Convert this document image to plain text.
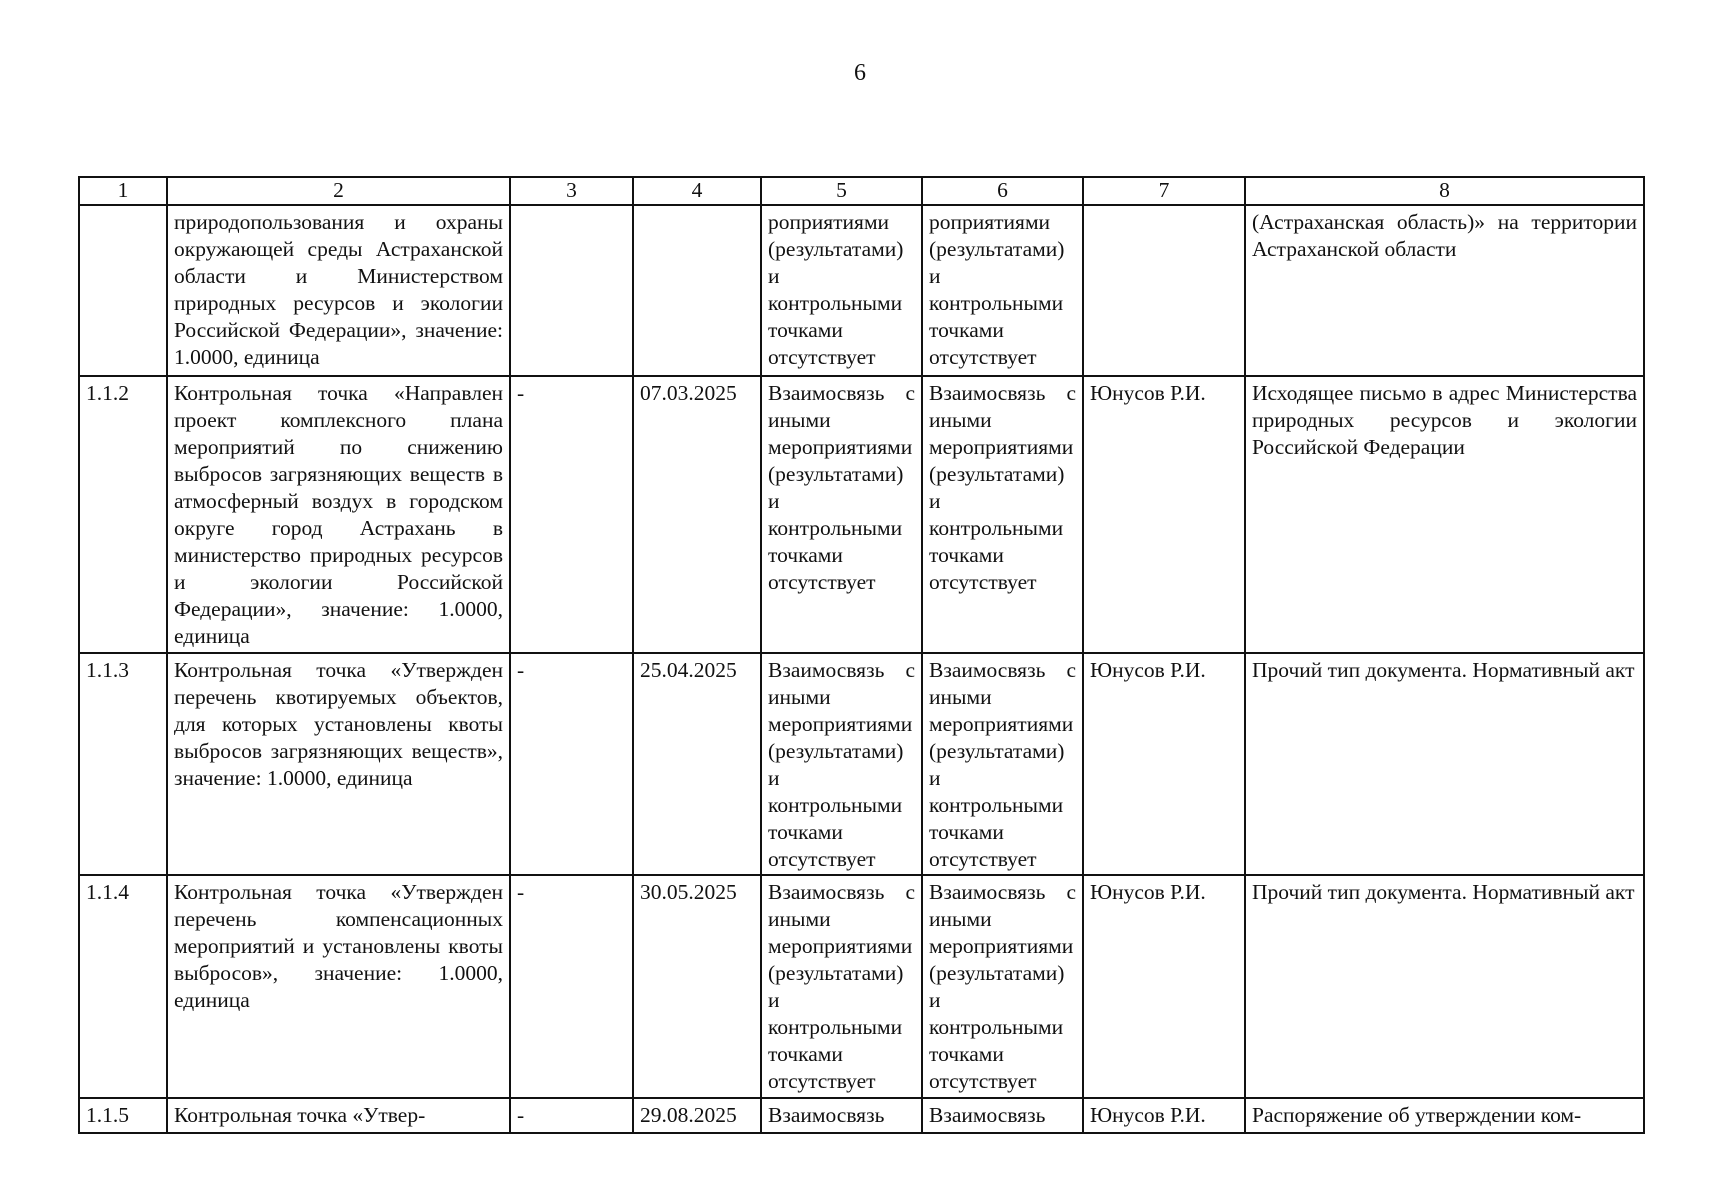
6
1	2	3	4	5	6	7	8
	природопользования и охраны окружающей среды Астраханской области и Министерством природных ресурсов и экологии Российской Федерации», значение: 1.0000, единица			роприятиями (результатами) и контрольными точками отсутствует	роприятиями (результатами) и контрольными точками отсутствует		(Астраханская область)» на территории Астраханской области
1.1.2	Контрольная точка «Направлен проект комплексного плана мероприятий по снижению выбросов загрязняющих веществ в атмосферный воздух в городском округе город Астрахань в министерство природных ресурсов и экологии Российской Федерации», значение: 1.0000, единица	-	07.03.2025	Взаимосвязь с иными мероприятиями (результатами) и контрольными точками отсутствует	Взаимосвязь с иными мероприятиями (результатами) и контрольными точками отсутствует	Юнусов Р.И.	Исходящее письмо в адрес Министерства природных ресурсов и экологии Российской Федерации
1.1.3	Контрольная точка «Утвержден перечень квотируемых объектов, для которых установлены квоты выбросов загрязняющих веществ», значение: 1.0000, единица	-	25.04.2025	Взаимосвязь с иными мероприятиями (результатами) и контрольными точками отсутствует	Взаимосвязь с иными мероприятиями (результатами) и контрольными точками отсутствует	Юнусов Р.И.	Прочий тип документа. Нормативный акт
1.1.4	Контрольная точка «Утвержден перечень компенсационных мероприятий и установлены квоты выбросов», значение: 1.0000, единица	-	30.05.2025	Взаимосвязь с иными мероприятиями (результатами) и контрольными точками отсутствует	Взаимосвязь с иными мероприятиями (результатами) и контрольными точками отсутствует	Юнусов Р.И.	Прочий тип документа. Нормативный акт
1.1.5	Контрольная точка «Утвер-	-	29.08.2025	Взаимосвязь	Взаимосвязь	Юнусов Р.И.	Распоряжение об утверждении ком-
